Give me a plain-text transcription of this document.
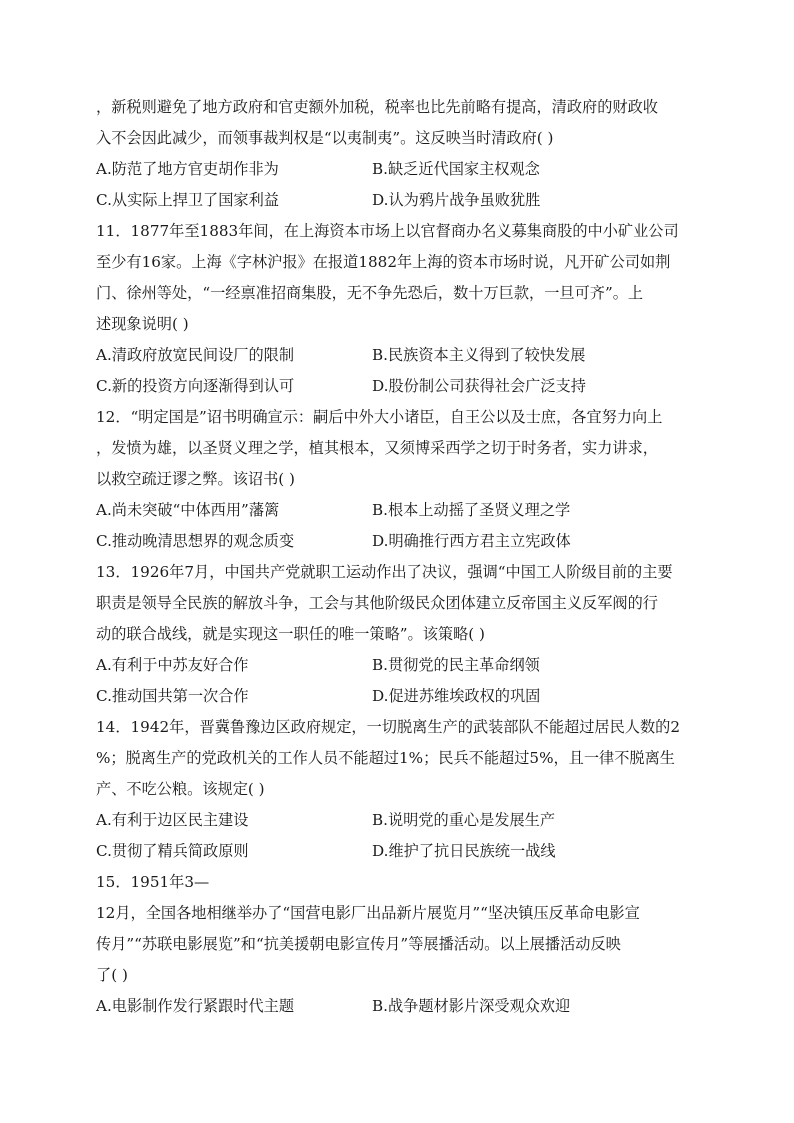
，新税则避免了地方政府和官吏额外加税，税率也比先前略有提高，清政府的财政收
入不会因此减少，而领事裁判权是“以夷制夷”。这反映当时清政府( )
A.防范了地方官吏胡作非为	B.缺乏近代国家主权观念
C.从实际上捍卫了国家利益	D.认为鸦片战争虽败犹胜
11．1877年至1883年间，在上海资本市场上以官督商办名义募集商股的中小矿业公司
至少有16家。上海《字林沪报》在报道1882年上海的资本市场时说，凡开矿公司如荆
门、徐州等处，“一经禀准招商集股，无不争先恐后，数十万巨款，一旦可齐”。上
述现象说明( )
A.清政府放宽民间设厂的限制	B.民族资本主义得到了较快发展
C.新的投资方向逐渐得到认可	D.股份制公司获得社会广泛支持
12．“明定国是”诏书明确宣示：嗣后中外大小诸臣，自王公以及士庶，各宜努力向上
，发愤为雄，以圣贤义理之学，植其根本，又须博采西学之切于时务者，实力讲求，
以救空疏迂谬之弊。该诏书( )
A.尚未突破“中体西用”藩篱	B.根本上动摇了圣贤义理之学
C.推动晚清思想界的观念质变	D.明确推行西方君主立宪政体
13．1926年7月，中国共产党就职工运动作出了决议，强调“中国工人阶级目前的主要
职责是领导全民族的解放斗争，工会与其他阶级民众团体建立反帝国主义反军阀的行
动的联合战线，就是实现这一职任的唯一策略”。该策略( )
A.有利于中苏友好合作	B.贯彻党的民主革命纲领
C.推动国共第一次合作	D.促进苏维埃政权的巩固
14．1942年，晋冀鲁豫边区政府规定，一切脱离生产的武装部队不能超过居民人数的2
%；脱离生产的党政机关的工作人员不能超过1%；民兵不能超过5%，且一律不脱离生
产、不吃公粮。该规定( )
A.有利于边区民主建设	B.说明党的重心是发展生产
C.贯彻了精兵简政原则	D.维护了抗日民族统一战线
15．1951年3—
12月，全国各地相继举办了“国营电影厂出品新片展览月”“坚决镇压反革命电影宣
传月”“苏联电影展览”和“抗美援朝电影宣传月”等展播活动。以上展播活动反映
了( )
A.电影制作发行紧跟时代主题	B.战争题材影片深受观众欢迎
